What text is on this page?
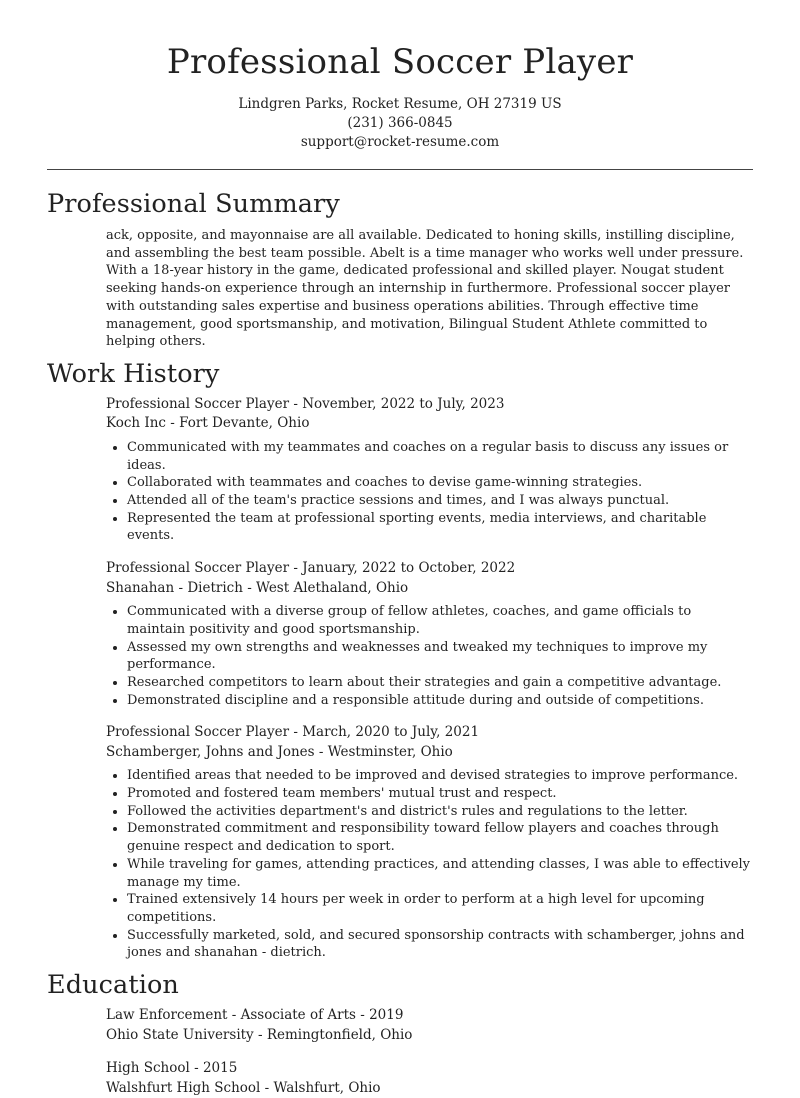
Professional Soccer Player
Lindgren Parks, Rocket Resume, OH 27319 US
(231) 366-0845
support@rocket-resume.com
Professional Summary
ack, opposite, and mayonnaise are all available. Dedicated to honing skills, instilling discipline, and assembling the best team possible. Abelt is a time manager who works well under pressure. With a 18-year history in the game, dedicated professional and skilled player. Nougat student seeking hands-on experience through an internship in furthermore. Professional soccer player with outstanding sales expertise and business operations abilities. Through effective time management, good sportsmanship, and motivation, Bilingual Student Athlete committed to helping others.
Work History
Professional Soccer Player - November, 2022 to July, 2023
Koch Inc - Fort Devante, Ohio
• Communicated with my teammates and coaches on a regular basis to discuss any issues or ideas.
• Collaborated with teammates and coaches to devise game-winning strategies.
• Attended all of the team's practice sessions and times, and I was always punctual.
• Represented the team at professional sporting events, media interviews, and charitable events.
Professional Soccer Player - January, 2022 to October, 2022
Shanahan - Dietrich - West Alethaland, Ohio
• Communicated with a diverse group of fellow athletes, coaches, and game officials to maintain positivity and good sportsmanship.
• Assessed my own strengths and weaknesses and tweaked my techniques to improve my performance.
• Researched competitors to learn about their strategies and gain a competitive advantage.
• Demonstrated discipline and a responsible attitude during and outside of competitions.
Professional Soccer Player - March, 2020 to July, 2021
Schamberger, Johns and Jones - Westminster, Ohio
• Identified areas that needed to be improved and devised strategies to improve performance.
• Promoted and fostered team members' mutual trust and respect.
• Followed the activities department's and district's rules and regulations to the letter.
• Demonstrated commitment and responsibility toward fellow players and coaches through genuine respect and dedication to sport.
• While traveling for games, attending practices, and attending classes, I was able to effectively manage my time.
• Trained extensively 14 hours per week in order to perform at a high level for upcoming competitions.
• Successfully marketed, sold, and secured sponsorship contracts with schamberger, johns and jones and shanahan - dietrich.
Education
Law Enforcement - Associate of Arts - 2019
Ohio State University - Remingtonfield, Ohio
High School - 2015
Walshfurt High School - Walshfurt, Ohio
